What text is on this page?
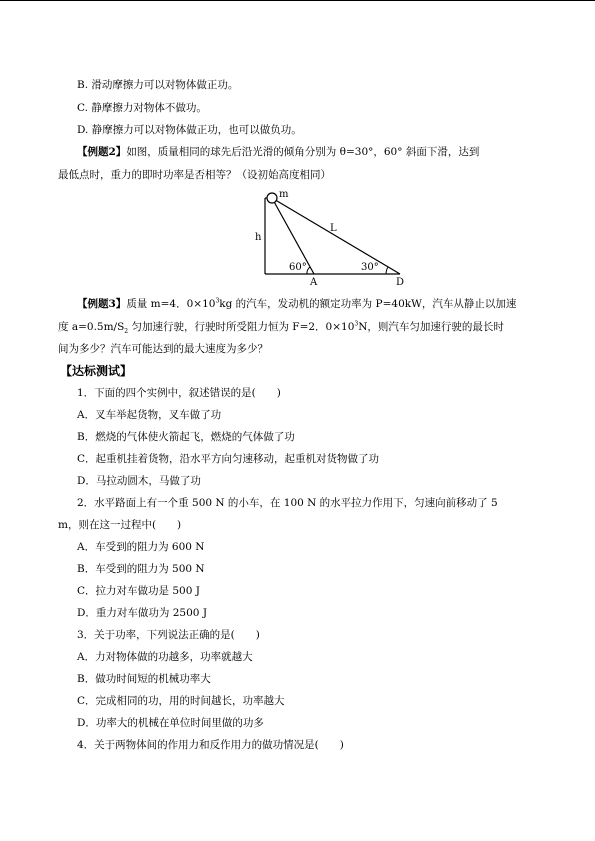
B. 滑动摩擦力可以对物体做正功。
C. 静摩擦力对物体不做功。
D. 静摩擦力可以对物体做正功，也可以做负功。
【例题2】如图，质量相同的球先后沿光滑的倾角分别为 θ=30°，60° 斜面下滑，达到
最低点时，重力的即时功率是否相等？（设初始高度相同）
m
h
L
60°	30°
A	D
【例题3】质量 m=4．$0\times 10^3kg$ 的汽车，发动机的额定功率为 P=40kW，汽车从静止以加速
度 $a=0.5m/S_2$ 匀加速行驶，行驶时所受阻力恒为 F=2．$0\times 10^3N$，则汽车匀加速行驶的最长时
间为多少？汽车可能达到的最大速度为多少？
【达标测试】
1．下面的四个实例中，叙述错误的是(　　)
A．叉车举起货物，叉车做了功
B．燃烧的气体使火箭起飞，燃烧的气体做了功
C．起重机挂着货物，沿水平方向匀速移动，起重机对货物做了功
D．马拉动圆木，马做了功
2．水平路面上有一个重 500 N 的小车，在 100 N 的水平拉力作用下，匀速向前移动了 5
m，则在这一过程中(　　)
A．车受到的阻力为 600 N
B．车受到的阻力为 500 N
C．拉力对车做功是 500 J
D．重力对车做功为 2500 J
3．关于功率，下列说法正确的是(　　)
A．力对物体做的功越多，功率就越大
B．做功时间短的机械功率大
C．完成相同的功，用的时间越长，功率越大
D．功率大的机械在单位时间里做的功多
4．关于两物体间的作用力和反作用力的做功情况是(　　)
